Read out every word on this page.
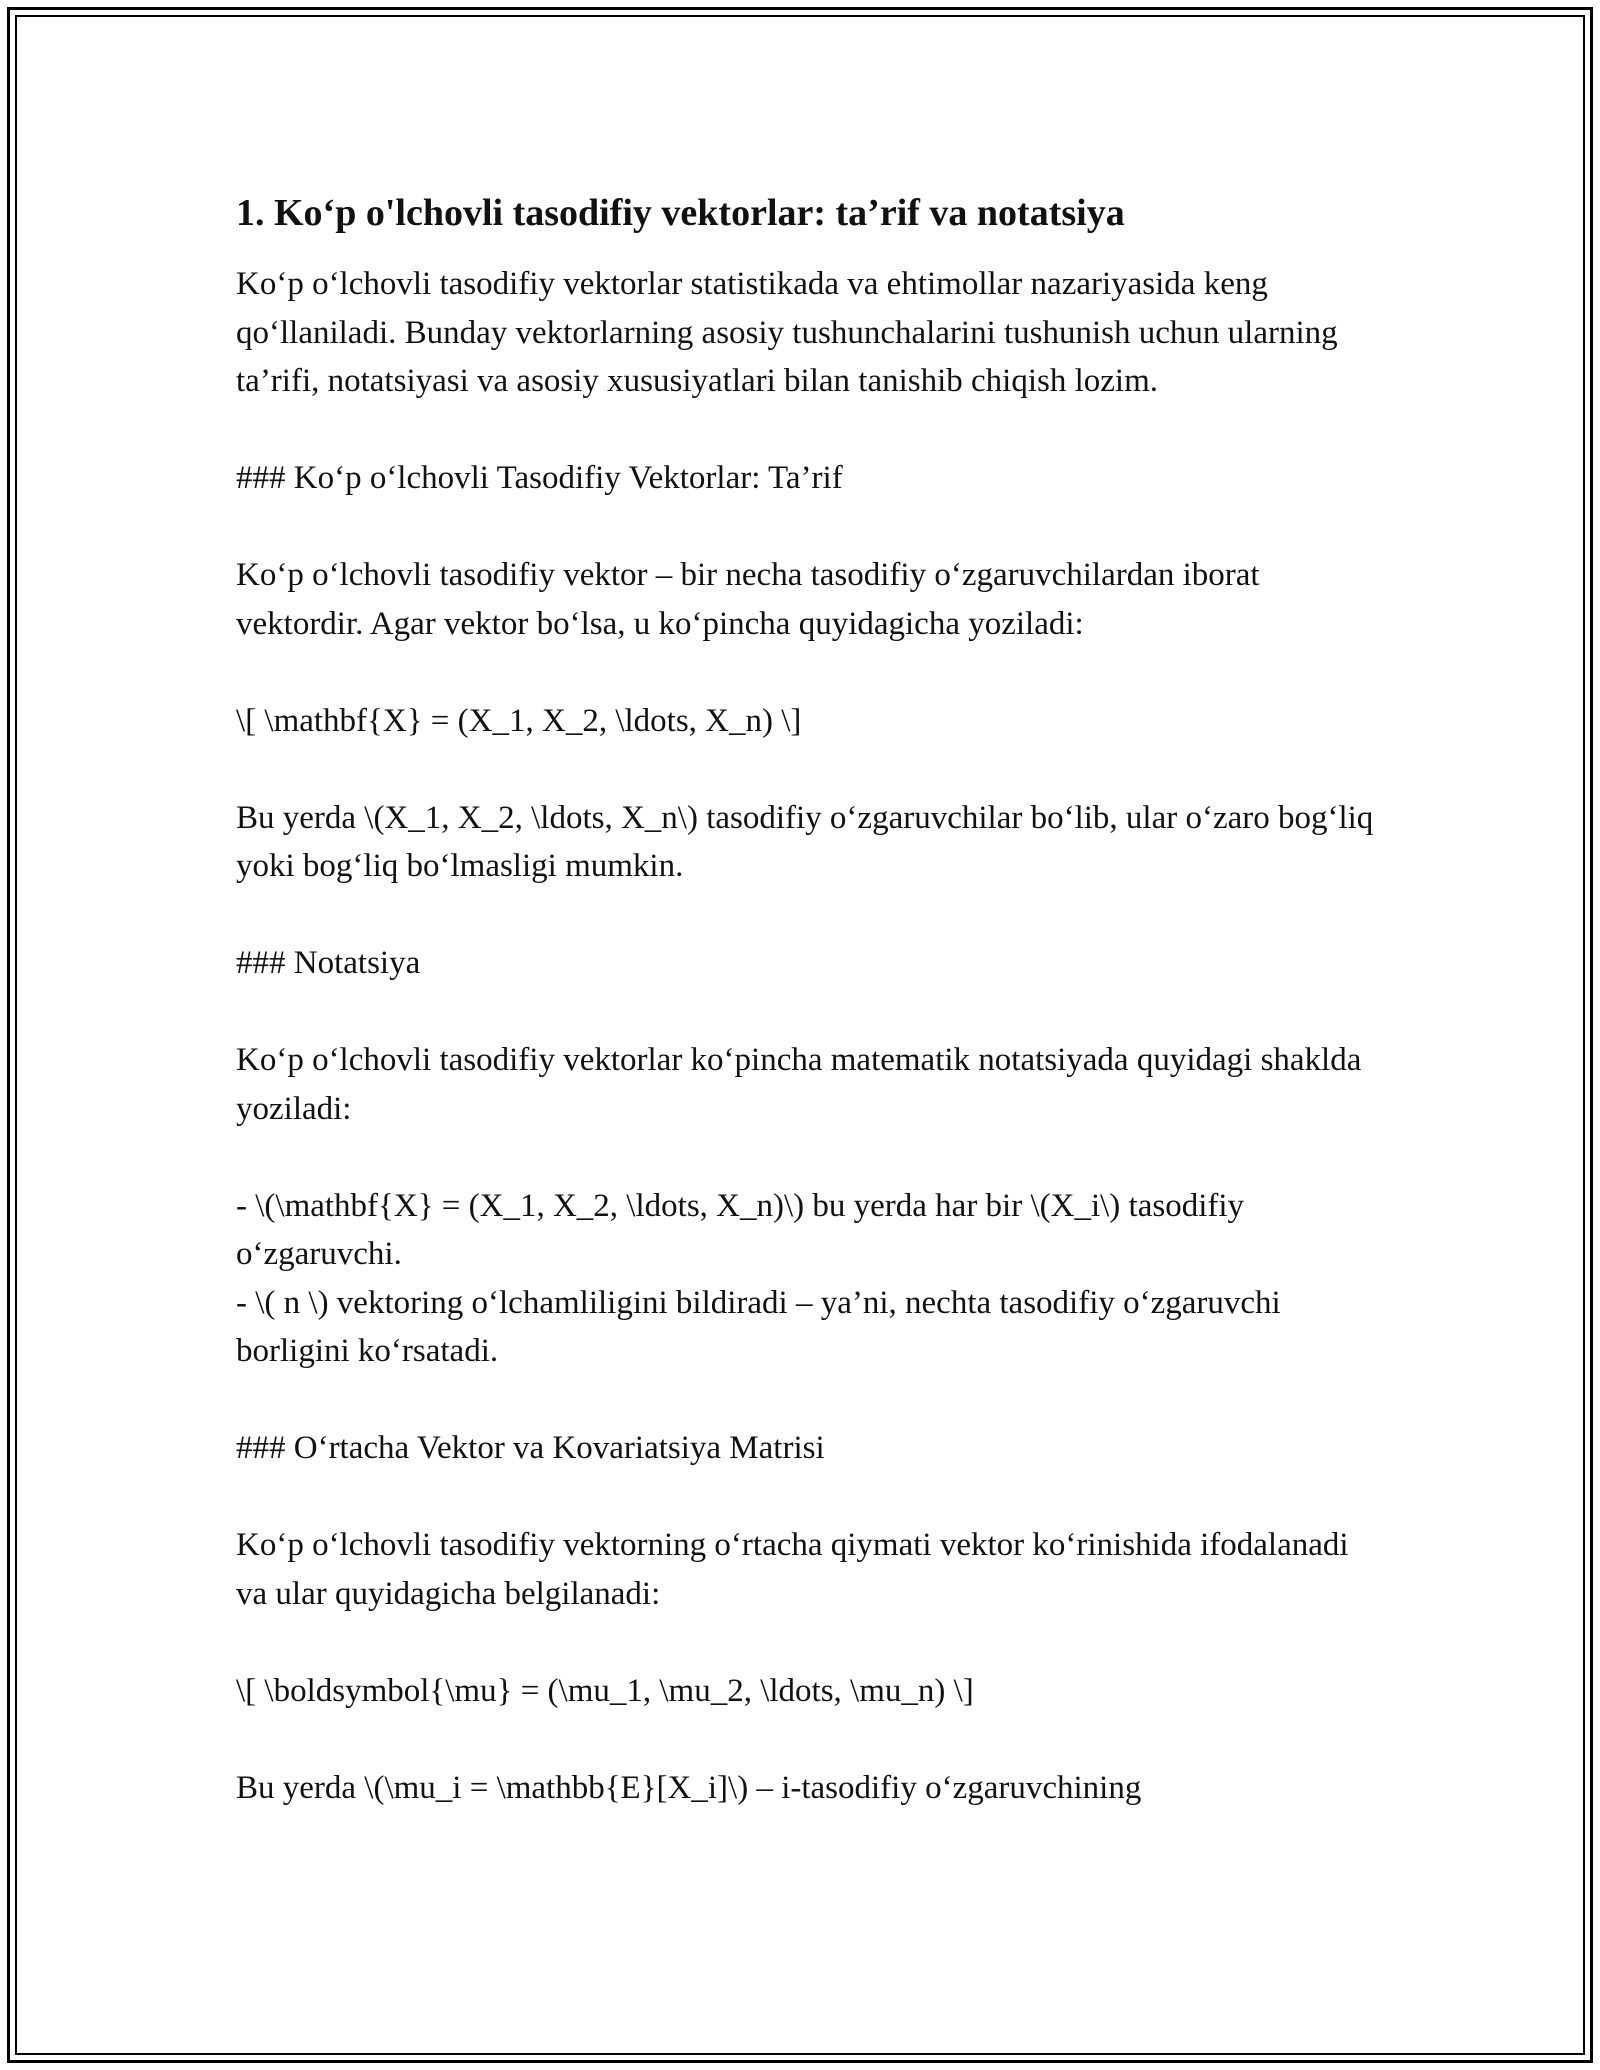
1. Ko‘p o'lchovli tasodifiy vektorlar: ta’rif va notatsiya

Ko‘p o‘lchovli tasodifiy vektorlar statistikada va ehtimollar nazariyasida keng qo‘llaniladi. Bunday vektorlarning asosiy tushunchalarini tushunish uchun ularning ta’rifi, notatsiyasi va asosiy xususiyatlari bilan tanishib chiqish lozim.

### Ko‘p o‘lchovli Tasodifiy Vektorlar: Ta’rif

Ko‘p o‘lchovli tasodifiy vektor – bir necha tasodifiy o‘zgaruvchilardan iborat vektordir. Agar vektor bo‘lsa, u ko‘pincha quyidagicha yoziladi:

\[ \mathbf{X} = (X_1, X_2, \ldots, X_n) \]

Bu yerda \(X_1, X_2, \ldots, X_n\) tasodifiy o‘zgaruvchilar bo‘lib, ular o‘zaro bog‘liq yoki bog‘liq bo‘lmasligi mumkin.

### Notatsiya

Ko‘p o‘lchovli tasodifiy vektorlar ko‘pincha matematik notatsiyada quyidagi shaklda yoziladi:

- \(\mathbf{X} = (X_1, X_2, \ldots, X_n)\) bu yerda har bir \(X_i\) tasodifiy o‘zgaruvchi.

- \( n \) vektoring o‘lchamliligini bildiradi – ya’ni, nechta tasodifiy o‘zgaruvchi borligini ko‘rsatadi.

### O‘rtacha Vektor va Kovariatsiya Matrisi

Ko‘p o‘lchovli tasodifiy vektorning o‘rtacha qiymati vektor ko‘rinishida ifodalanadi va ular quyidagicha belgilanadi:

\[ \boldsymbol{\mu} = (\mu_1, \mu_2, \ldots, \mu_n) \]

Bu yerda \(\mu_i = \mathbb{E}[X_i]\) – i-tasodifiy o‘zgaruvchining
